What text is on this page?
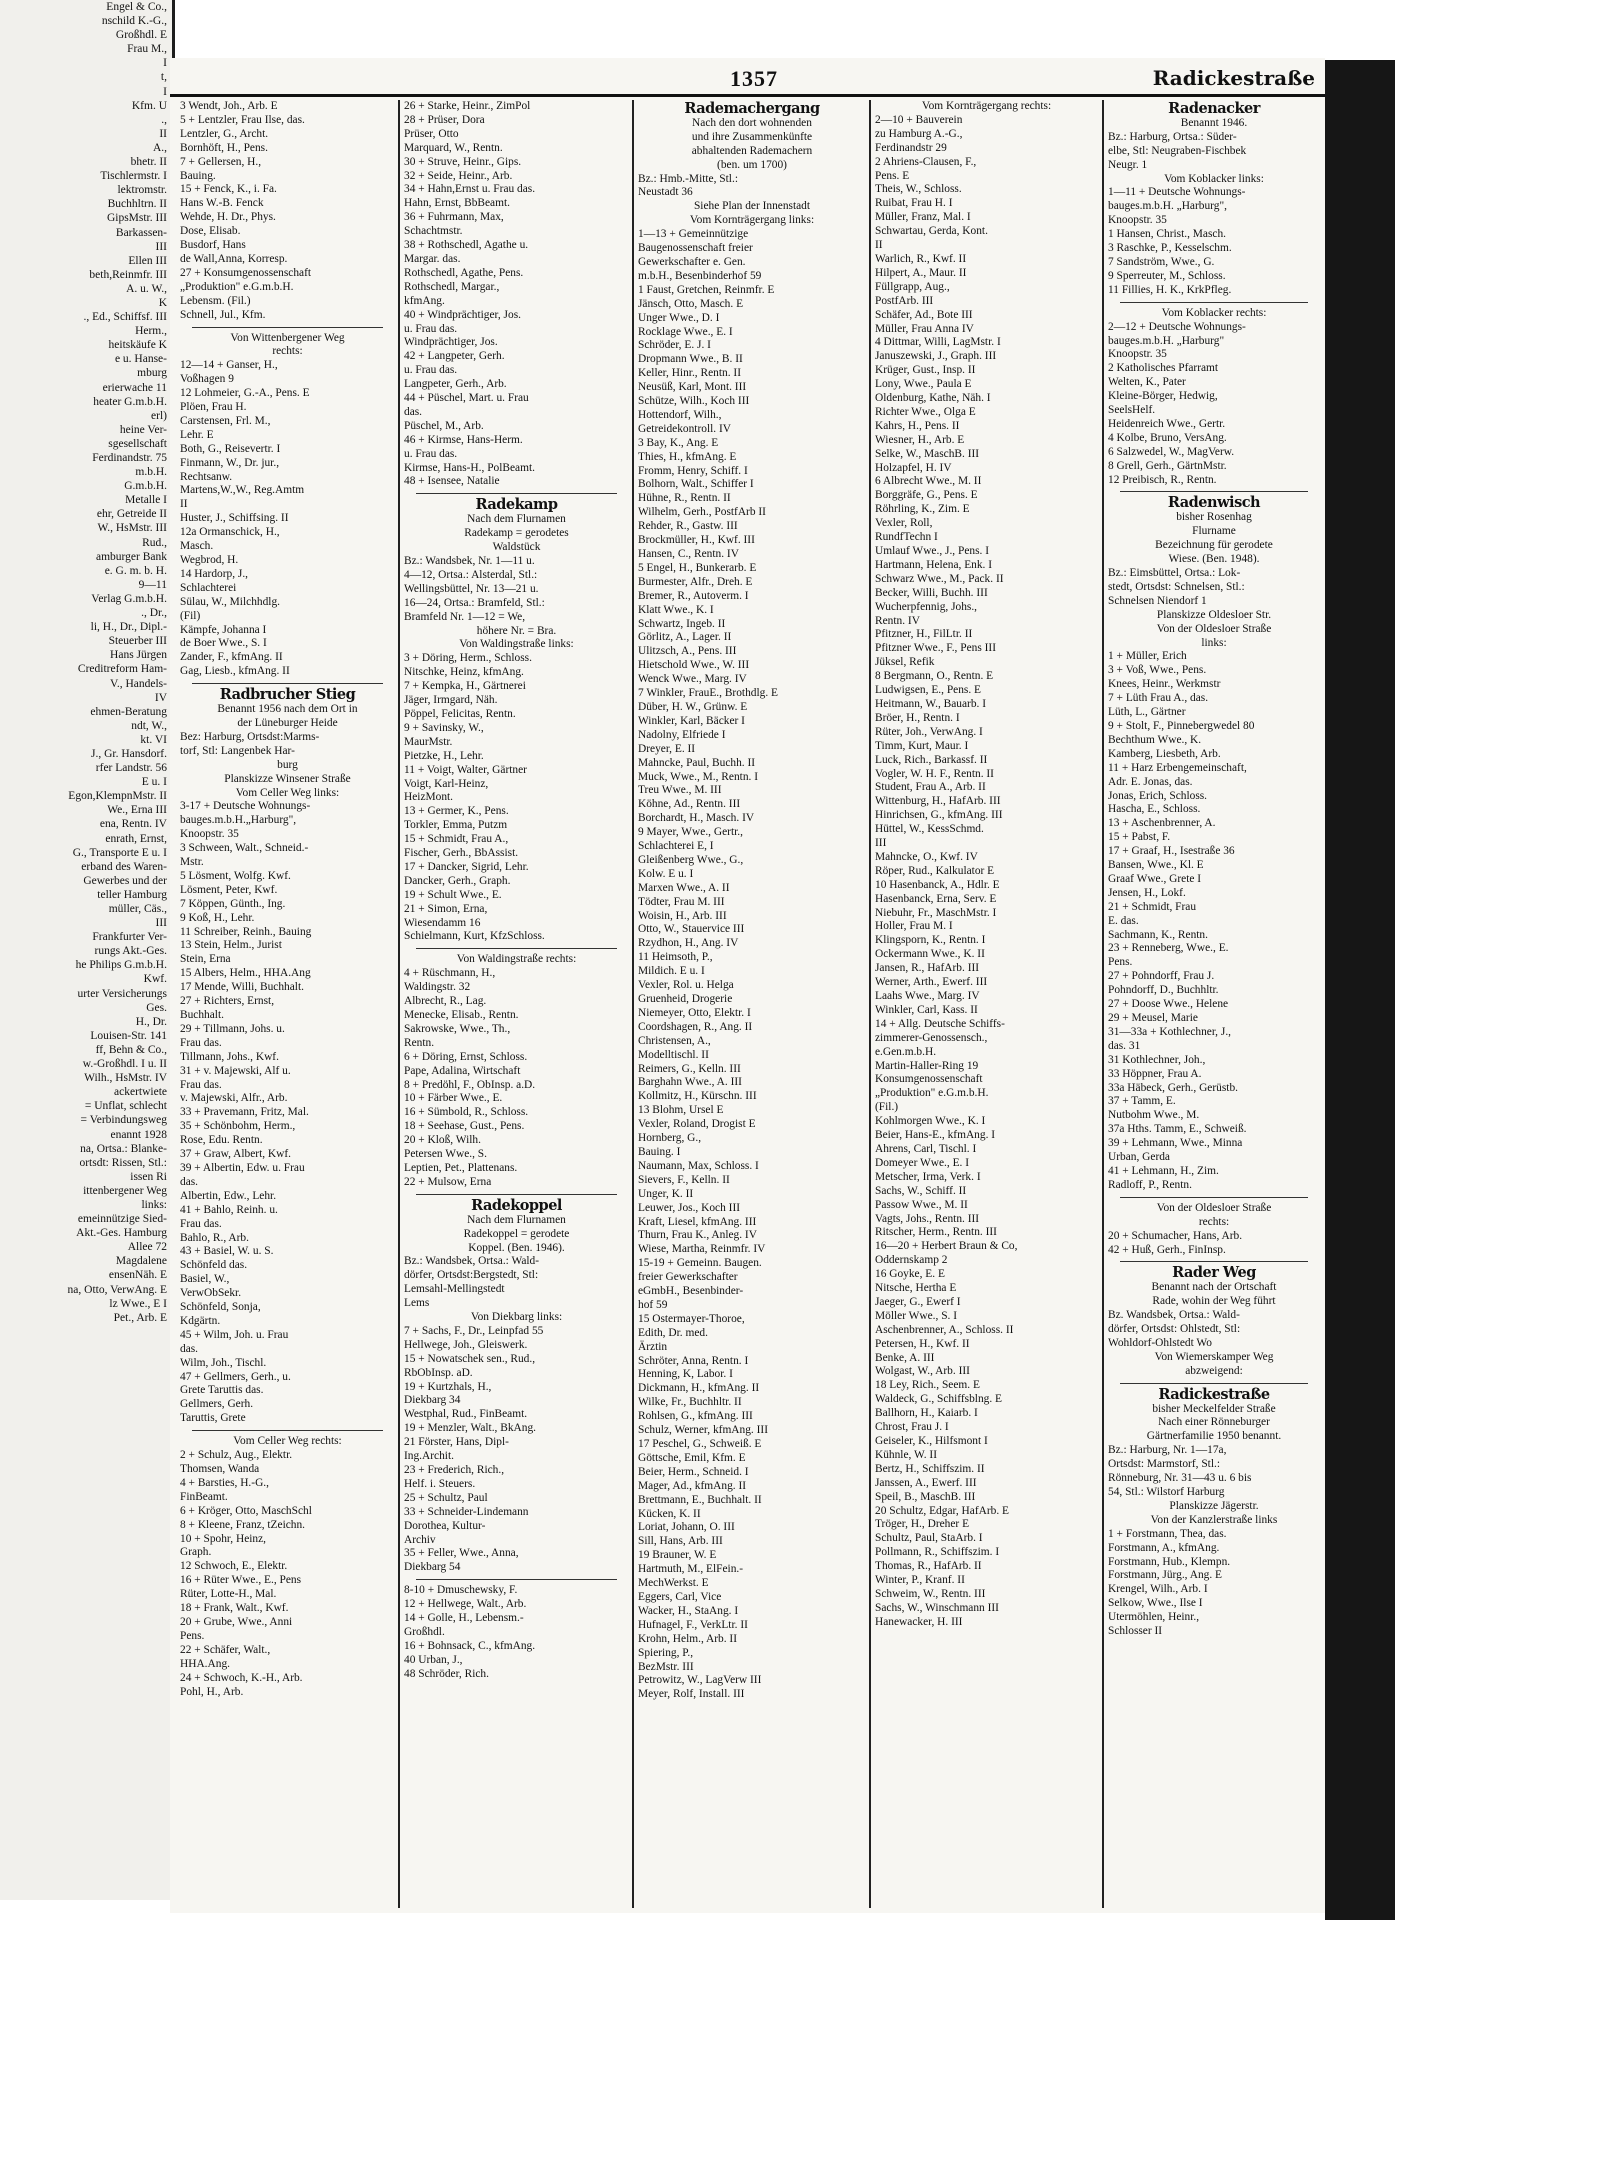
Engel & Co.,
nschild K.-G.,
Großhdl. E
Frau M.,
I
t,
I
Kfm. U
.,
II
A.,
bhetr. II
Tischlermstr. I
lektromstr.
Buchhltrn. II
GipsMstr. III
Barkassen-
III
Ellen III
beth,Reinmfr. III
A. u. W.,
K
., Ed., Schiffsf. III
Herm.,
heitskäufe K
e u. Hanse-
mburg
erierwache 11
heater G.m.b.H.
erl)
heine Ver-
sgesellschaft
Ferdinandstr. 75
m.b.H.
G.m.b.H.
Metalle I
ehr, Getreide II
W., HsMstr. III
Rud.,
amburger Bank
e. G. m. b. H.
9—11
Verlag G.m.b.H.
., Dr.,
li, H., Dr., Dipl.-
Steuerber III
Hans Jürgen
Creditreform Ham-
V., Handels-
IV
ehmen-Beratung
ndt, W.,
kt. VI
J., Gr. Hansdorf.
rfer Landstr. 56
E u. I
Egon,KlempnMstr. II
We., Erna III
ena, Rentn. IV
enrath, Ernst,
G., Transporte E u. I
erband des Waren-
Gewerbes und der
teller Hamburg
müller, Cäs.,
III
Frankfurter Ver-
rungs Akt.-Ges.
he Philips G.m.b.H.
Kwf.
urter Versicherungs
Ges.
H., Dr.
Louisen-Str. 141
ff, Behn & Co.,
w.-Großhdl. I u. II
Wilh., HsMstr. IV
ackertwiete
= Unflat, schlecht
= Verbindungsweg
enannt 1928
na, Ortsa.: Blanke-
ortsdt: Rissen, Stl.:
issen Ri
ittenbergener Weg
links:
emeinnützige Sied-
Akt.-Ges. Hamburg
Allee 72
Magdalene
ensenNäh. E
na, Otto, VerwAng. E
lz Wwe., E I
Pet., Arb. E
1357	Radickestraße
3 Wendt, Joh., Arb. E
5 + Lentzler, Frau Ilse, das.
Lentzler, G., Archt.
Bornhöft, H., Pens.
7 + Gellersen, H.,
Bauing.
15 + Fenck, K., i. Fa.
Hans W.-B. Fenck
Wehde, H. Dr., Phys.
Dose, Elisab.
Busdorf, Hans
de Wall,Anna, Korresp.
27 + Konsumgenossenschaft
„Produktion" e.G.m.b.H.
Lebensm. (Fil.)
Schnell, Jul., Kfm.
Von Wittenbergener Weg
rechts:
12—14 + Ganser, H.,
Voßhagen 9
12 Lohmeier, G.-A., Pens. E
Plöen, Frau H.
Carstensen, Frl. M.,
Lehr. E
Both, G., Reisevertr. I
Finmann, W., Dr. jur.,
Rechtsanw.
Martens,W.,W., Reg.Amtm
II
Huster, J., Schiffsing. II
12a Ormanschick, H.,
Masch.
Wegbrod, H.
14 Hardorp, J.,
Schlachterei
Sülau, W., Milchhdlg.
(Fil)
Kämpfe, Johanna I
de Boer Wwe., S. I
Zander, F., kfmAng. II
Gag, Liesb., kfmAng. II
Radbrucher Stieg
Benannt 1956 nach dem Ort in
der Lüneburger Heide
Bez: Harburg, Ortsdst:Marms-
torf, Stl: Langenbek Har-
burg
Planskizze Winsener Straße
Vom Celler Weg links:
3-17 + Deutsche Wohnungs-
bauges.m.b.H.„Harburg",
Knoopstr. 35
3 Schween, Walt., Schneid.-
Mstr.
5 Lösment, Wolfg. Kwf.
Lösment, Peter, Kwf.
7 Köppen, Günth., Ing.
9 Koß, H., Lehr.
11 Schreiber, Reinh., Bauing
13 Stein, Helm., Jurist
Stein, Erna
15 Albers, Helm., HHA.Ang
17 Mende, Willi, Buchhalt.
27 + Richters, Ernst,
Buchhalt.
29 + Tillmann, Johs. u.
Frau das.
Tillmann, Johs., Kwf.
31 + v. Majewski, Alf u.
Frau das.
v. Majewski, Alfr., Arb.
33 + Pravemann, Fritz, Mal.
35 + Schönbohm, Herm.,
Rose, Edu. Rentn.
37 + Graw, Albert, Kwf.
39 + Albertin, Edw. u. Frau
das.
Albertin, Edw., Lehr.
41 + Bahlo, Reinh. u.
Frau das.
Bahlo, R., Arb.
43 + Basiel, W. u. S.
Schönfeld das.
Basiel, W.,
VerwObSekr.
Schönfeld, Sonja,
Kdgärtn.
45 + Wilm, Joh. u. Frau
das.
Wilm, Joh., Tischl.
47 + Gellmers, Gerh., u.
Grete Taruttis das.
Gellmers, Gerh.
Taruttis, Grete
Vom Celler Weg rechts:
2 + Schulz, Aug., Elektr.
Thomsen, Wanda
4 + Barsties, H.-G.,
FinBeamt.
6 + Kröger, Otto, MaschSchl
8 + Kleene, Franz, tZeichn.
10 + Spohr, Heinz,
Graph.
12 Schwoch, E., Elektr.
16 + Rüter Wwe., E., Pens
Rüter, Lotte-H., Mal.
18 + Frank, Walt., Kwf.
20 + Grube, Wwe., Anni
Pens.
22 + Schäfer, Walt.,
HHA.Ang.
24 + Schwoch, K.-H., Arb.
Pohl, H., Arb.
26 + Starke, Heinr., ZimPol
28 + Prüser, Dora
Prüser, Otto
Marquard, W., Rentn.
30 + Struve, Heinr., Gips.
32 + Seide, Heinr., Arb.
34 + Hahn,Ernst u. Frau das.
Hahn, Ernst, BbBeamt.
36 + Fuhrmann, Max,
Schachtmstr.
38 + Rothschedl, Agathe u.
Margar. das.
Rothschedl, Agathe, Pens.
Rothschedl, Margar.,
kfmAng.
40 + Windprächtiger, Jos.
u. Frau das.
Windprächtiger, Jos.
42 + Langpeter, Gerh.
u. Frau das.
Langpeter, Gerh., Arb.
44 + Püschel, Mart. u. Frau
das.
Püschel, M., Arb.
46 + Kirmse, Hans-Herm.
u. Frau das.
Kirmse, Hans-H., PolBeamt.
48 + Isensee, Natalie
Radekamp
Nach dem Flurnamen
Radekamp = gerodetes
Waldstück
Bz.: Wandsbek, Nr. 1—11 u.
4—12, Ortsa.: Alsterdal, Stl.:
Wellingsbüttel, Nr. 13—21 u.
16—24, Ortsa.: Bramfeld, Stl.:
Bramfeld Nr. 1—12 = We,
höhere Nr. = Bra.
Von Waldingstraße links:
3 + Döring, Herm., Schloss.
Nitschke, Heinz, kfmAng.
7 + Kempka, H., Gärtnerei
Jäger, Irmgard, Näh.
Pöppel, Felicitas, Rentn.
9 + Savinsky, W.,
MaurMstr.
Pietzke, H., Lehr.
11 + Voigt, Walter, Gärtner
Voigt, Karl-Heinz,
HeizMont.
13 + Germer, K., Pens.
Torkler, Emma, Putzm
15 + Schmidt, Frau A.,
Fischer, Gerh., BbAssist.
17 + Dancker, Sigrid, Lehr.
Dancker, Gerh., Graph.
19 + Schult Wwe., E.
21 + Simon, Erna,
Wiesendamm 16
Schielmann, Kurt, KfzSchloss.
Von Waldingstraße rechts:
4 + Rüschmann, H.,
Waldingstr. 32
Albrecht, R., Lag.
Menecke, Elisab., Rentn.
Sakrowske, Wwe., Th.,
Rentn.
6 + Döring, Ernst, Schloss.
Pape, Adalina, Wirtschaft
8 + Predöhl, F., ObInsp. a.D.
10 + Färber Wwe., E.
16 + Sümbold, R., Schloss.
18 + Seehase, Gust., Pens.
20 + Kloß, Wilh.
Petersen Wwe., S.
Leptien, Pet., Plattenans.
22 + Mulsow, Erna
Radekoppel
Nach dem Flurnamen
Radekoppel = gerodete
Koppel. (Ben. 1946).
Bz.: Wandsbek, Ortsa.: Wald-
dörfer, Ortsdst:Bergstedt, Stl:
Lemsahl-Mellingstedt
Lems
Von Diekbarg links:
7 + Sachs, F., Dr., Leinpfad 55
Hellwege, Joh., Gleiswerk.
15 + Nowatschek sen., Rud.,
RbObInsp. aD.
19 + Kurtzhals, H.,
Diekbarg 34
Westphal, Rud., FinBeamt.
19 + Menzler, Walt., BkAng.
21 Förster, Hans, Dipl-
Ing.Archit.
23 + Frederich, Rich.,
Helf. i. Steuers.
25 + Schultz, Paul
33 + Schneider-Lindemann
Dorothea, Kultur-
Archiv
35 + Feller, Wwe., Anna,
Diekbarg 54
8-10 + Dmuschewsky, F.
12 + Hellwege, Walt., Arb.
14 + Golle, H., Lebensm.-
Großhdl.
16 + Bohnsack, C., kfmAng.
40 Urban, J.,
48 Schröder, Rich.
Rademachergang
Nach den dort wohnenden
und ihre Zusammenkünfte
abhaltenden Rademachern
(ben. um 1700)
Bz.: Hmb.-Mitte, Stl.:
Neustadt 36
Siehe Plan der Innenstadt
Vom Kornträgergang links:
1—13 + Gemeinnützige
Baugenossenschaft freier
Gewerkschafter e. Gen.
m.b.H., Besenbinderhof 59
1 Faust, Gretchen, Reinmfr. E
Jänsch, Otto, Masch. E
Unger Wwe., D. I
Rocklage Wwe., E. I
Schröder, E. J. I
Dropmann Wwe., B. II
Keller, Hinr., Rentn. II
Neusüß, Karl, Mont. III
Schütze, Wilh., Koch III
Hottendorf, Wilh.,
Getreidekontroll. IV
3 Bay, K., Ang. E
Thies, H., kfmAng. E
Fromm, Henry, Schiff. I
Bolhorn, Walt., Schiffer I
Hühne, R., Rentn. II
Wilhelm, Gerh., PostfArb II
Rehder, R., Gastw. III
Brockmüller, H., Kwf. III
Hansen, C., Rentn. IV
5 Engel, H., Bunkerarb. E
Burmester, Alfr., Dreh. E
Bremer, R., Autoverm. I
Klatt Wwe., K. I
Schwartz, Ingeb. II
Görlitz, A., Lager. II
Ulitzsch, A., Pens. III
Hietschold Wwe., W. III
Wenck Wwe., Marg. IV
7 Winkler, FrauE., Brothdlg. E
Düber, H. W., Grünw. E
Winkler, Karl, Bäcker I
Nadolny, Elfriede I
Dreyer, E. II
Mahncke, Paul, Buchh. II
Muck, Wwe., M., Rentn. I
Treu Wwe., M. III
Köhne, Ad., Rentn. III
Borchardt, H., Masch. IV
9 Mayer, Wwe., Gertr.,
Schlachterei E, I
Gleißenberg Wwe., G.,
Kolw. E u. I
Marxen Wwe., A. II
Tödter, Frau M. III
Woisin, H., Arb. III
Otto, W., Stauervice III
Rzydhon, H., Ang. IV
11 Heimsoth, P.,
Mildich. E u. I
Vexler, Rol. u. Helga
Gruenheid, Drogerie
Niemeyer, Otto, Elektr. I
Coordshagen, R., Ang. II
Christensen, A.,
Modelltischl. II
Reimers, G., Kelln. III
Barghahn Wwe., A. III
Kollmitz, H., Kürschn. III
13 Blohm, Ursel E
Vexler, Roland, Drogist E
Hornberg, G.,
Bauing. I
Naumann, Max, Schloss. I
Sievers, F., Kelln. II
Unger, K. II
Leuwer, Jos., Koch III
Kraft, Liesel, kfmAng. III
Thurn, Frau K., Anleg. IV
Wiese, Martha, Reinmfr. IV
15-19 + Gemeinn. Baugen.
freier Gewerkschafter
eGmbH., Besenbinder-
hof 59
15 Ostermayer-Thoroe,
Edith, Dr. med.
Ärztin
Schröter, Anna, Rentn. I
Henning, K, Labor. I
Dickmann, H., kfmAng. II
Wilke, Fr., Buchhltr. II
Rohlsen, G., kfmAng. III
Schulz, Werner, kfmAng. III
17 Peschel, G., Schweiß. E
Göttsche, Emil, Kfm. E
Beier, Herm., Schneid. I
Mager, Ad., kfmAng. II
Brettmann, E., Buchhalt. II
Kücken, K. II
Loriat, Johann, O. III
Sill, Hans, Arb. III
19 Brauner, W. E
Hartmuth, M., ElFein.-
MechWerkst. E
Eggers, Carl, Vice
Wacker, H., StaAng. I
Hufnagel, F., VerkLtr. II
Krohn, Helm., Arb. II
Spiering, P.,
BezMstr. III
Petrowitz, W., LagVerw III
Meyer, Rolf, Install. III
Vom Kornträgergang rechts:
2—10 + Bauverein
zu Hamburg A.-G.,
Ferdinandstr 29
2 Ahriens-Clausen, F.,
Pens. E
Theis, W., Schloss.
Ruibat, Frau H. I
Müller, Franz, Mal. I
Schwartau, Gerda, Kont.
II
Warlich, R., Kwf. II
Hilpert, A., Maur. II
Füllgrapp, Aug.,
PostfArb. III
Schäfer, Ad., Bote III
Müller, Frau Anna IV
4 Dittmar, Willi, LagMstr. I
Januszewski, J., Graph. III
Krüger, Gust., Insp. II
Lony, Wwe., Paula E
Oldenburg, Kathe, Näh. I
Richter Wwe., Olga E
Kahrs, H., Pens. II
Wiesner, H., Arb. E
Selke, W., MaschB. III
Holzapfel, H. IV
6 Albrecht Wwe., M. II
Borggräfe, G., Pens. E
Röhrling, K., Zim. E
Vexler, Roll,
RundfTechn I
Umlauf Wwe., J., Pens. I
Hartmann, Helena, Enk. I
Schwarz Wwe., M., Pack. II
Becker, Willi, Buchh. III
Wucherpfennig, Johs.,
Rentn. IV
Pfitzner, H., FilLtr. II
Pfitzner Wwe., F., Pens III
Jüksel, Refik
8 Bergmann, O., Rentn. E
Ludwigsen, E., Pens. E
Heitmann, W., Bauarb. I
Bröer, H., Rentn. I
Rüter, Joh., VerwAng. I
Timm, Kurt, Maur. I
Luck, Rich., Barkassf. II
Vogler, W. H. F., Rentn. II
Student, Frau A., Arb. II
Wittenburg, H., HafArb. III
Hinrichsen, G., kfmAng. III
Hüttel, W., KessSchmd.
III
Mahncke, O., Kwf. IV
Röper, Rud., Kalkulator E
10 Hasenbanck, A., Hdlr. E
Hasenbanck, Erna, Serv. E
Niebuhr, Fr., MaschMstr. I
Holler, Frau M. I
Klingsporn, K., Rentn. I
Ockermann Wwe., K. II
Jansen, R., HafArb. III
Werner, Arth., Ewerf. III
Laahs Wwe., Marg. IV
Winkler, Carl, Kass. II
14 + Allg. Deutsche Schiffs-
zimmerer-Genossensch.,
e.Gen.m.b.H.
Martin-Haller-Ring 19
Konsumgenossenschaft
„Produktion" e.G.m.b.H.
(Fil.)
Kohlmorgen Wwe., K. I
Beier, Hans-E., kfmAng. I
Ahrens, Carl, Tischl. I
Domeyer Wwe., E. I
Metscher, Irma, Verk. I
Sachs, W., Schiff. II
Passow Wwe., M. II
Vagts, Johs., Rentn. III
Ritscher, Herm., Rentn. III
16—20 + Herbert Braun & Co,
Oddernskamp 2
16 Goyke, E. E
Nitsche, Hertha E
Jaeger, G., Ewerf I
Möller Wwe., S. I
Aschenbrenner, A., Schloss. II
Petersen, H., Kwf. II
Benke, A. III
Wolgast, W., Arb. III
18 Ley, Rich., Seem. E
Waldeck, G., Schiffsblng. E
Ballhorn, H., Kaiarb. I
Chrost, Frau J. I
Geiseler, K., Hilfsmont I
Kühnle, W. II
Bertz, H., Schiffszim. II
Janssen, A., Ewerf. III
Speil, B., MaschB. III
20 Schultz, Edgar, HafArb. E
Tröger, H., Dreher E
Schultz, Paul, StaArb. I
Pollmann, R., Schiffszim. I
Thomas, R., HafArb. II
Winter, P., Kranf. II
Schweim, W., Rentn. III
Sachs, W., Winschmann III
Hanewacker, H. III
Radenacker
Benannt 1946.
Bz.: Harburg, Ortsa.: Süder-
elbe, Stl: Neugraben-Fischbek
Neugr. 1
Vom Koblacker links:
1—11 + Deutsche Wohnungs-
bauges.m.b.H. „Harburg",
Knoopstr. 35
1 Hansen, Christ., Masch.
3 Raschke, P., Kesselschm.
7 Sandström, Wwe., G.
9 Sperreuter, M., Schloss.
11 Fillies, H. K., KrkPfleg.
Vom Koblacker rechts:
2—12 + Deutsche Wohnungs-
bauges.m.b.H. „Harburg"
Knoopstr. 35
2 Katholisches Pfarramt
Welten, K., Pater
Kleine-Börger, Hedwig,
SeelsHelf.
Heidenreich Wwe., Gertr.
4 Kolbe, Bruno, VersAng.
6 Salzwedel, W., MagVerw.
8 Grell, Gerh., GärtnMstr.
12 Preibisch, R., Rentn.
Radenwisch
bisher Rosenhag
Flurname
Bezeichnung für gerodete
Wiese. (Ben. 1948).
Bz.: Eimsbüttel, Ortsa.: Lok-
stedt, Ortsdst: Schnelsen, Stl.:
Schnelsen Niendorf 1
Planskizze Oldesloer Str.
Von der Oldesloer Straße
links:
1 + Müller, Erich
3 + Voß, Wwe., Pens.
Knees, Heinr., Werkmstr
7 + Lüth Frau A., das.
Lüth, L., Gärtner
9 + Stolt, F., Pinnebergwedel 80
Bechthum Wwe., K.
Kamberg, Liesbeth, Arb.
11 + Harz Erbengemeinschaft,
Adr. E. Jonas, das.
Jonas, Erich, Schloss.
Hascha, E., Schloss.
13 + Aschenbrenner, A.
15 + Pabst, F.
17 + Graaf, H., Isestraße 36
Bansen, Wwe., Kl. E
Graaf Wwe., Grete I
Jensen, H., Lokf.
21 + Schmidt, Frau
E. das.
Sachmann, K., Rentn.
23 + Renneberg, Wwe., E.
Pens.
27 + Pohndorff, Frau J.
Pohndorff, D., Buchhltr.
27 + Doose Wwe., Helene
29 + Meusel, Marie
31—33a + Kothlechner, J.,
das. 31
31 Kothlechner, Joh.,
33 Höppner, Frau A.
33a Häbeck, Gerh., Gerüstb.
37 + Tamm, E.
Nutbohm Wwe., M.
37a Hths. Tamm, E., Schweiß.
39 + Lehmann, Wwe., Minna
Urban, Gerda
41 + Lehmann, H., Zim.
Radloff, P., Rentn.
Von der Oldesloer Straße
rechts:
20 + Schumacher, Hans, Arb.
42 + Huß, Gerh., FinInsp.
Rader Weg
Benannt nach der Ortschaft
Rade, wohin der Weg führt
Bz. Wandsbek, Ortsa.: Wald-
dörfer, Ortsdst: Ohlstedt, Stl:
Wohldorf-Ohlstedt Wo
Von Wiemerskamper Weg
abzweigend:
Radickestraße
bisher Meckelfelder Straße
Nach einer Rönneburger
Gärtnerfamilie 1950 benannt.
Bz.: Harburg, Nr. 1—17a,
Ortsdst: Marmstorf, Stl.:
Rönneburg, Nr. 31—43 u. 6 bis
54, Stl.: Wilstorf Harburg
Planskizze Jägerstr.
Von der Kanzlerstraße links
1 + Forstmann, Thea, das.
Forstmann, A., kfmAng.
Forstmann, Hub., Klempn.
Forstmann, Jürg., Ang. E
Krengel, Wilh., Arb. I
Selkow, Wwe., Ilse I
Utermöhlen, Heinr.,
Schlosser II
